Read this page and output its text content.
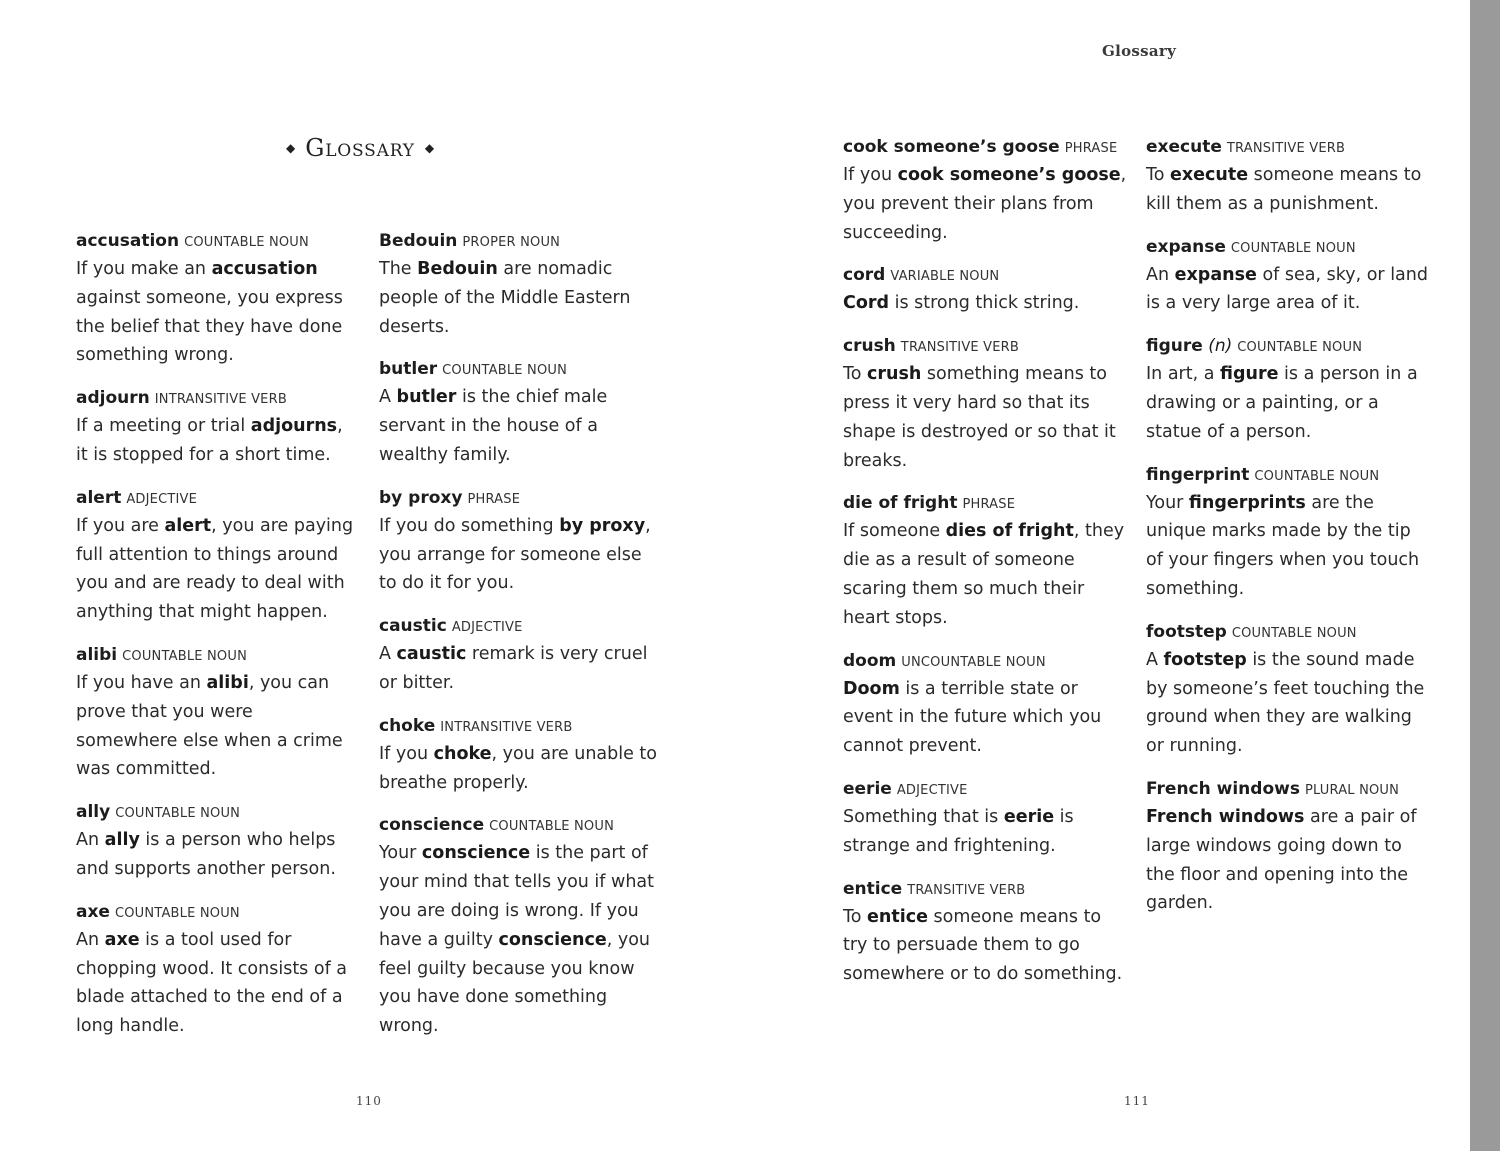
Glossary
◆ Glossary ◆
accusation COUNTABLE NOUN
If you make an accusation against someone, you express the belief that they have done something wrong.
adjourn INTRANSITIVE VERB
If a meeting or trial adjourns, it is stopped for a short time.
alert ADJECTIVE
If you are alert, you are paying full attention to things around you and are ready to deal with anything that might happen.
alibi COUNTABLE NOUN
If you have an alibi, you can prove that you were somewhere else when a crime was committed.
ally COUNTABLE NOUN
An ally is a person who helps and supports another person.
axe COUNTABLE NOUN
An axe is a tool used for chopping wood. It consists of a blade attached to the end of a long handle.
Bedouin PROPER NOUN
The Bedouin are nomadic people of the Middle Eastern deserts.
butler COUNTABLE NOUN
A butler is the chief male servant in the house of a wealthy family.
by proxy PHRASE
If you do something by proxy, you arrange for someone else to do it for you.
caustic ADJECTIVE
A caustic remark is very cruel or bitter.
choke INTRANSITIVE VERB
If you choke, you are unable to breathe properly.
conscience COUNTABLE NOUN
Your conscience is the part of your mind that tells you if what you are doing is wrong. If you have a guilty conscience, you feel guilty because you know you have done something wrong.
cook someone’s goose PHRASE
If you cook someone’s goose, you prevent their plans from succeeding.
cord VARIABLE NOUN
Cord is strong thick string.
crush TRANSITIVE VERB
To crush something means to press it very hard so that its shape is destroyed or so that it breaks.
die of fright PHRASE
If someone dies of fright, they die as a result of someone scaring them so much their heart stops.
doom UNCOUNTABLE NOUN
Doom is a terrible state or event in the future which you cannot prevent.
eerie ADJECTIVE
Something that is eerie is strange and frightening.
entice TRANSITIVE VERB
To entice someone means to try to persuade them to go somewhere or to do something.
execute TRANSITIVE VERB
To execute someone means to kill them as a punishment.
expanse COUNTABLE NOUN
An expanse of sea, sky, or land is a very large area of it.
figure (n) COUNTABLE NOUN
In art, a figure is a person in a drawing or a painting, or a statue of a person.
fingerprint COUNTABLE NOUN
Your fingerprints are the unique marks made by the tip of your fingers when you touch something.
footstep COUNTABLE NOUN
A footstep is the sound made by someone’s feet touching the ground when they are walking or running.
French windows PLURAL NOUN
French windows are a pair of large windows going down to the floor and opening into the garden.
110	111
